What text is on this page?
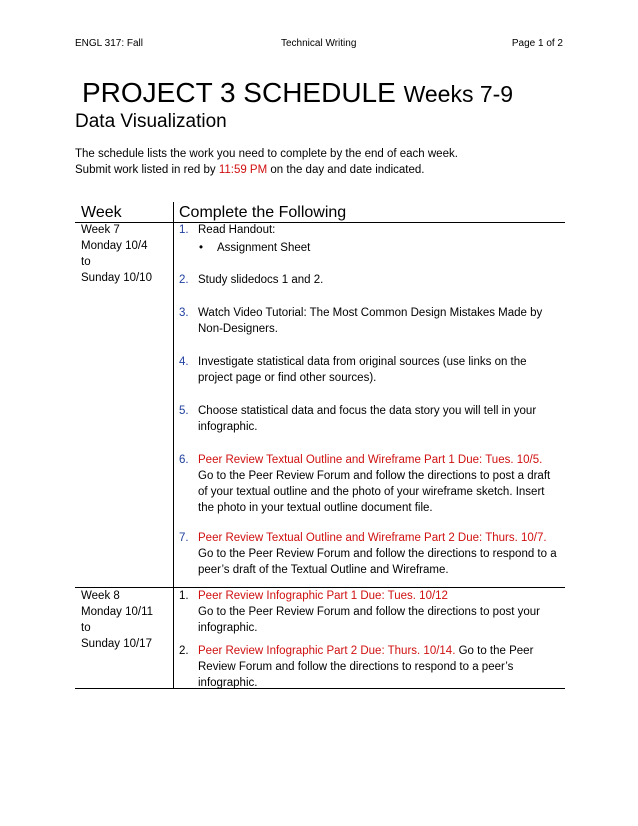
ENGL 317: Fall	Technical Writing	Page 1 of 2
PROJECT 3 SCHEDULE Weeks 7-9
Data Visualization
The schedule lists the work you need to complete by the end of each week.
Submit work listed in red by 11:59 PM on the day and date indicated.
Week	Complete the Following
Week 7
Monday 10/4
to
Sunday 10/10
1. Read Handout:
• Assignment Sheet
2. Study slidedocs 1 and 2.
3. Watch Video Tutorial: The Most Common Design Mistakes Made by Non-Designers.
4. Investigate statistical data from original sources (use links on the project page or find other sources).
5. Choose statistical data and focus the data story you will tell in your infographic.
6. Peer Review Textual Outline and Wireframe Part 1 Due: Tues. 10/5. Go to the Peer Review Forum and follow the directions to post a draft of your textual outline and the photo of your wireframe sketch. Insert the photo in your textual outline document file.
7. Peer Review Textual Outline and Wireframe Part 2 Due: Thurs. 10/7. Go to the Peer Review Forum and follow the directions to respond to a peer’s draft of the Textual Outline and Wireframe.
Week 8
Monday 10/11
to
Sunday 10/17
1. Peer Review Infographic Part 1 Due: Tues. 10/12
Go to the Peer Review Forum and follow the directions to post your infographic.
2. Peer Review Infographic Part 2 Due: Thurs. 10/14. Go to the Peer Review Forum and follow the directions to respond to a peer’s infographic.
